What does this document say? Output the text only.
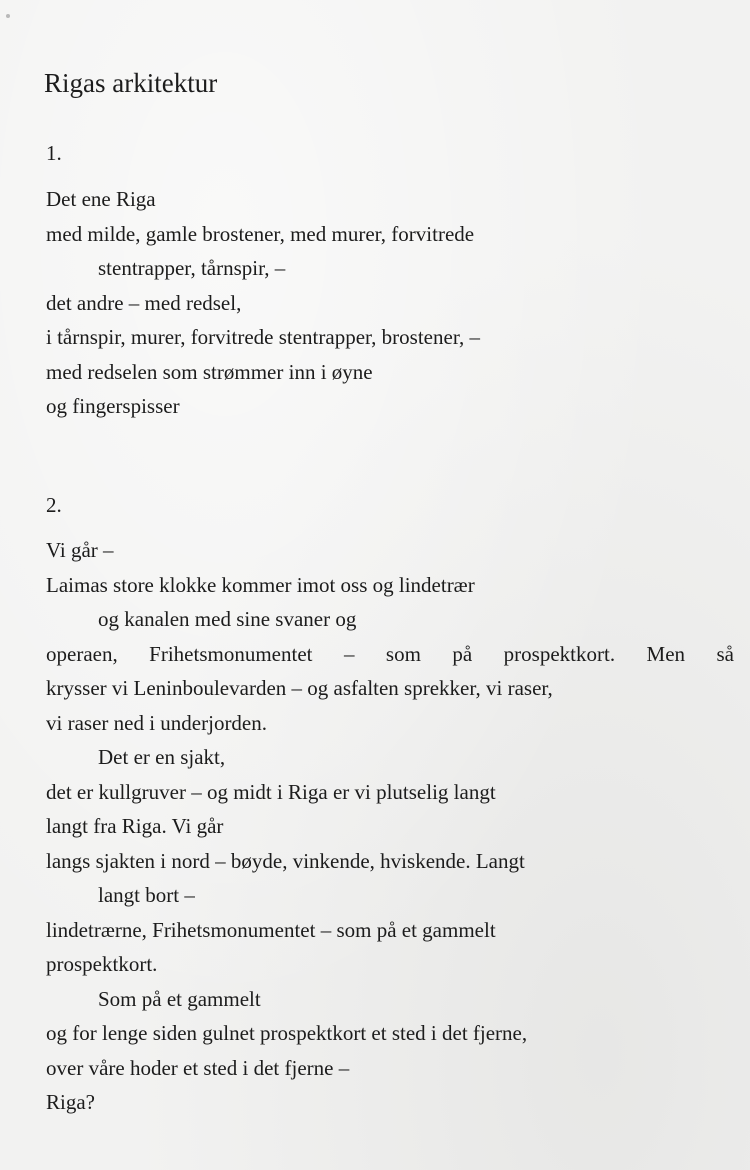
Rigas arkitektur
1.
Det ene Riga
med milde, gamle brostener, med murer, forvitrede
stentrapper, tårnspir, –
det andre – med redsel,
i tårnspir, murer, forvitrede stentrapper, brostener, –
med redselen som strømmer inn i øyne
og fingerspisser
2.
Vi går –
Laimas store klokke kommer imot oss og lindetrær
og kanalen med sine svaner og
operaen, Frihetsmonumentet – som på prospektkort. Men så
krysser vi Leninboulevarden – og asfalten sprekker, vi raser,
vi raser ned i underjorden.
Det er en sjakt,
det er kullgruver – og midt i Riga er vi plutselig langt
langt fra Riga. Vi går
langs sjakten i nord – bøyde, vinkende, hviskende. Langt
langt bort –
lindetrærne, Frihetsmonumentet – som på et gammelt
prospektkort.
Som på et gammelt
og for lenge siden gulnet prospektkort et sted i det fjerne,
over våre hoder et sted i det fjerne –
Riga?
